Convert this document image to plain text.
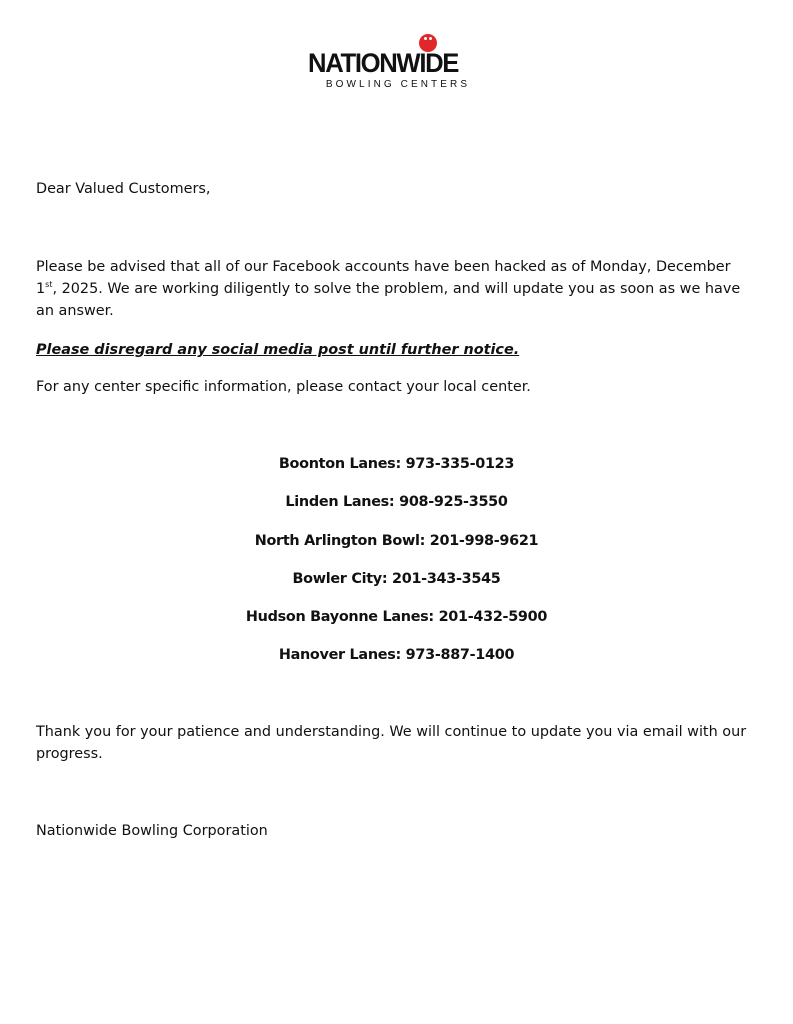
NATIONWIDE
BOWLING CENTERS
Dear Valued Customers,
Please be advised that all of our Facebook accounts have been hacked as of Monday, December 1st, 2025. We are working diligently to solve the problem, and will update you as soon as we have an answer.
Please disregard any social media post until further notice.
For any center specific information, please contact your local center.
Boonton Lanes: 973-335-0123
Linden Lanes: 908-925-3550
North Arlington Bowl: 201-998-9621
Bowler City: 201-343-3545
Hudson Bayonne Lanes: 201-432-5900
Hanover Lanes: 973-887-1400
Thank you for your patience and understanding. We will continue to update you via email with our progress.
Nationwide Bowling Corporation
